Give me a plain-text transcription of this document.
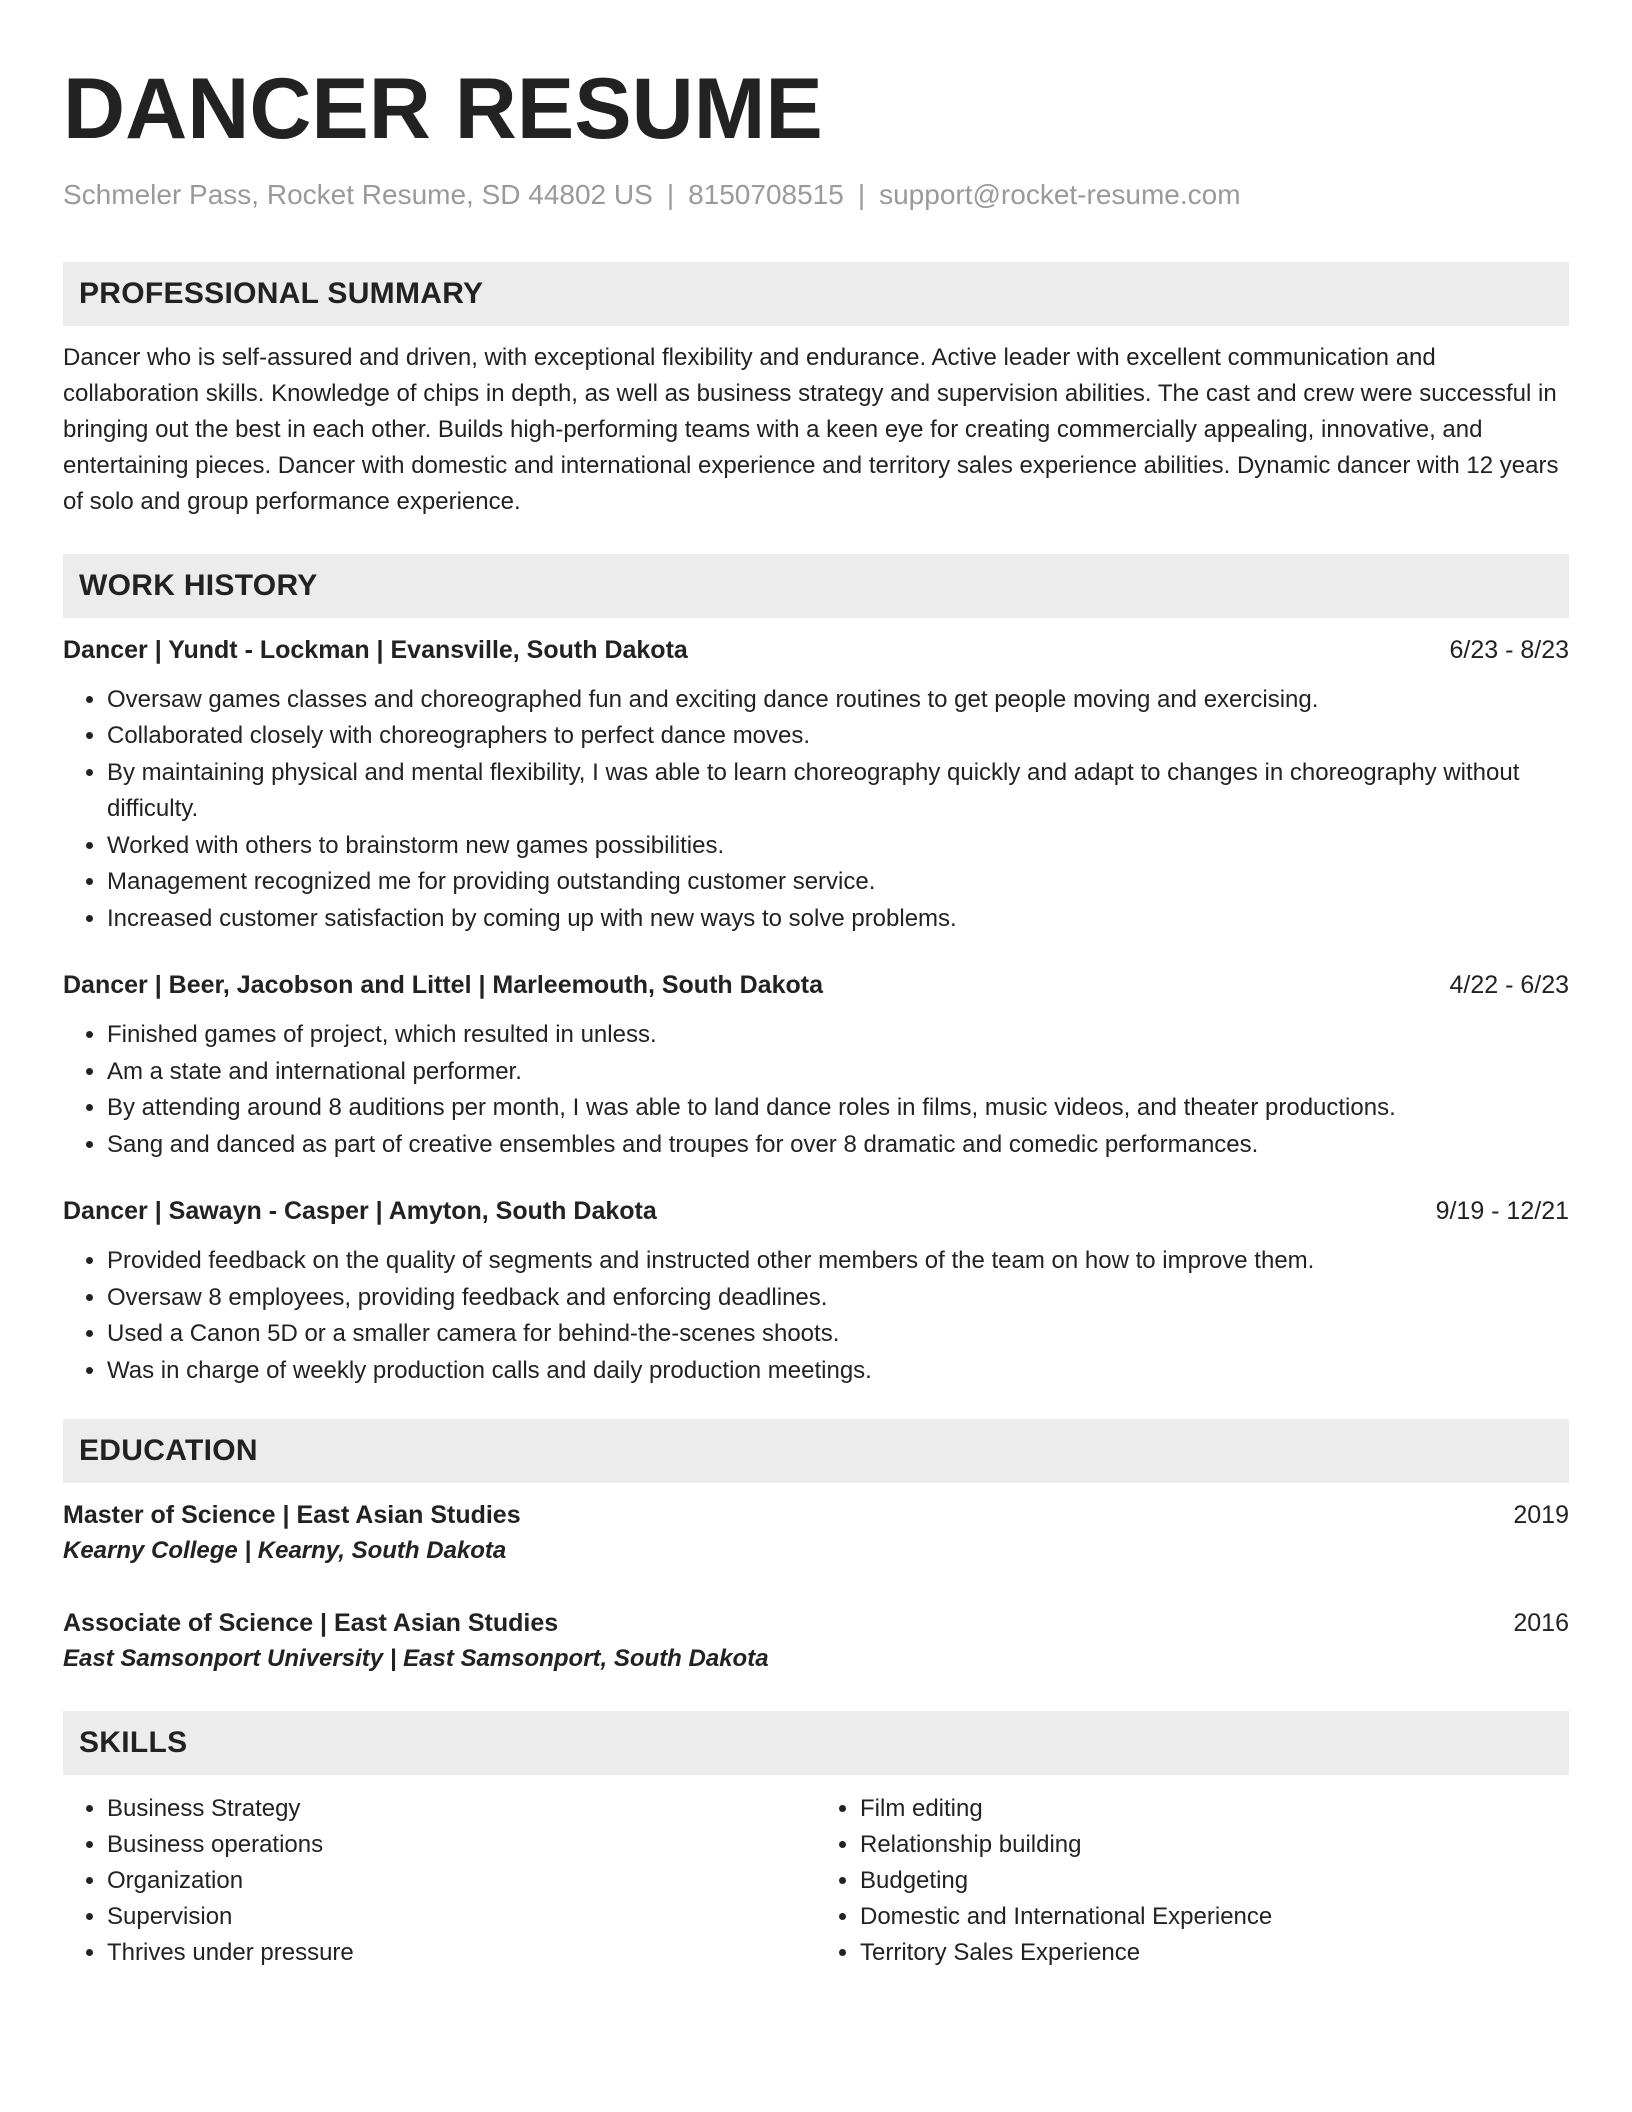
DANCER RESUME
Schmeler Pass, Rocket Resume, SD 44802 US | 8150708515 | support@rocket-resume.com
PROFESSIONAL SUMMARY

Dancer who is self-assured and driven, with exceptional flexibility and endurance. Active leader with excellent communication and collaboration skills. Knowledge of chips in depth, as well as business strategy and supervision abilities. The cast and crew were successful in bringing out the best in each other. Builds high-performing teams with a keen eye for creating commercially appealing, innovative, and entertaining pieces. Dancer with domestic and international experience and territory sales experience abilities. Dynamic dancer with 12 years of solo and group performance experience.

WORK HISTORY
Dancer | Yundt - Lockman | Evansville, South Dakota	6/23 - 8/23
• Oversaw games classes and choreographed fun and exciting dance routines to get people moving and exercising.
• Collaborated closely with choreographers to perfect dance moves.
• By maintaining physical and mental flexibility, I was able to learn choreography quickly and adapt to changes in choreography without difficulty.
• Worked with others to brainstorm new games possibilities.
• Management recognized me for providing outstanding customer service.
• Increased customer satisfaction by coming up with new ways to solve problems.
Dancer | Beer, Jacobson and Littel | Marleemouth, South Dakota	4/22 - 6/23
• Finished games of project, which resulted in unless.
• Am a state and international performer.
• By attending around 8 auditions per month, I was able to land dance roles in films, music videos, and theater productions.
• Sang and danced as part of creative ensembles and troupes for over 8 dramatic and comedic performances.
Dancer | Sawayn - Casper | Amyton, South Dakota	9/19 - 12/21
• Provided feedback on the quality of segments and instructed other members of the team on how to improve them.
• Oversaw 8 employees, providing feedback and enforcing deadlines.
• Used a Canon 5D or a smaller camera for behind-the-scenes shoots.
• Was in charge of weekly production calls and daily production meetings.
EDUCATION
Master of Science | East Asian Studies	2019
Kearny College | Kearny, South Dakota
Associate of Science | East Asian Studies	2016
East Samsonport University | East Samsonport, South Dakota
SKILLS
• Business Strategy
• Business operations
• Organization
• Supervision
• Thrives under pressure
• Film editing
• Relationship building
• Budgeting
• Domestic and International Experience
• Territory Sales Experience
